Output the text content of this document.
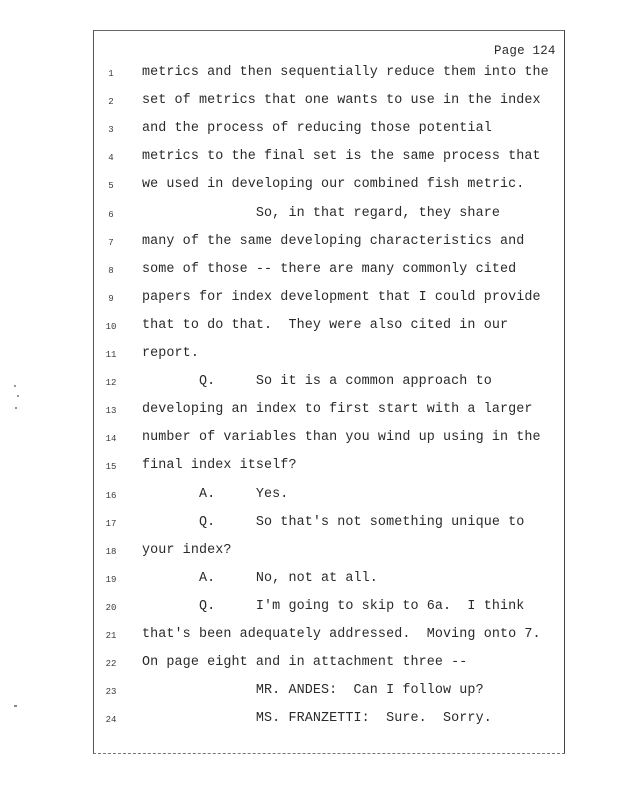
Page 124
1	metrics and then sequentially reduce them into the
2	set of metrics that one wants to use in the index
3	and the process of reducing those potential
4	metrics to the final set is the same process that
5	we used in developing our combined fish metric.
6	So, in that regard, they share
7	many of the same developing characteristics and
8	some of those -- there are many commonly cited
9	papers for index development that I could provide
10	that to do that.  They were also cited in our
11	report.
12	Q.     So it is a common approach to
13	developing an index to first start with a larger
14	number of variables than you wind up using in the
15	final index itself?
16	A.     Yes.
17	Q.     So that's not something unique to
18	your index?
19	A.     No, not at all.
20	Q.     I'm going to skip to 6a.  I think
21	that's been adequately addressed.  Moving onto 7.
22	On page eight and in attachment three --
23	MR. ANDES:  Can I follow up?
24	MS. FRANZETTI:  Sure.  Sorry.
